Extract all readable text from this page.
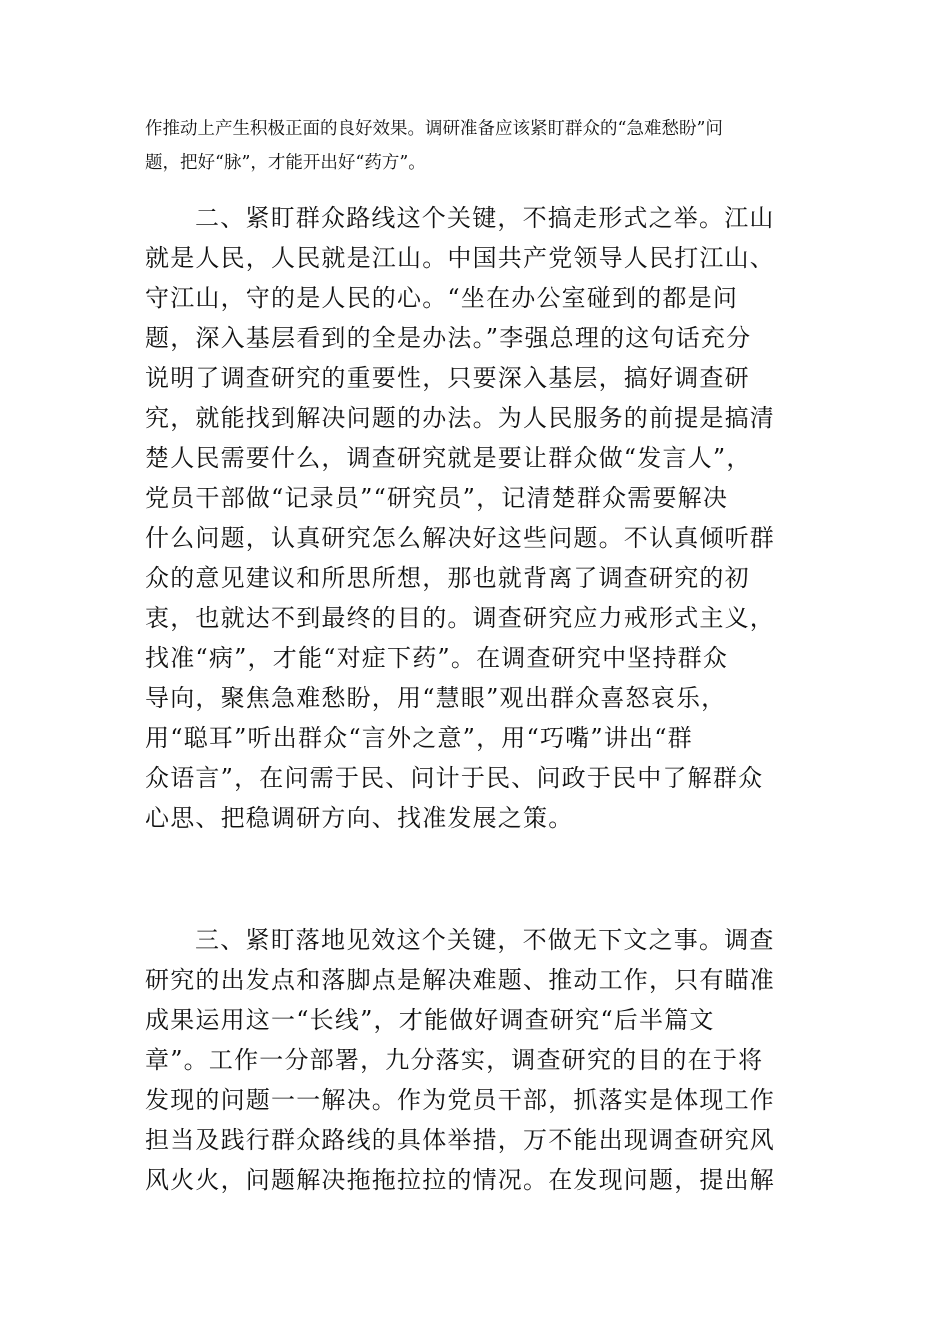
作推动上产生积极正面的良好效果。调研准备应该紧盯群众的“急难愁盼”问
题，把好“脉”，才能开出好“药方”。
二、紧盯群众路线这个关键，不搞走形式之举。江山
就是人民，人民就是江山。中国共产党领导人民打江山、
守江山，守的是人民的心。“坐在办公室碰到的都是问
题，深入基层看到的全是办法。”李强总理的这句话充分
说明了调查研究的重要性，只要深入基层，搞好调查研
究，就能找到解决问题的办法。为人民服务的前提是搞清
楚人民需要什么，调查研究就是要让群众做“发言人”，
党员干部做“记录员”“研究员”，记清楚群众需要解决
什么问题，认真研究怎么解决好这些问题。不认真倾听群
众的意见建议和所思所想，那也就背离了调查研究的初
衷，也就达不到最终的目的。调查研究应力戒形式主义，
找准“病”，才能“对症下药”。在调查研究中坚持群众
导向，聚焦急难愁盼，用“慧眼”观出群众喜怒哀乐，
用“聪耳”听出群众“言外之意”，用“巧嘴”讲出“群
众语言”，在问需于民、问计于民、问政于民中了解群众
心思、把稳调研方向、找准发展之策。
三、紧盯落地见效这个关键，不做无下文之事。调查
研究的出发点和落脚点是解决难题、推动工作，只有瞄准
成果运用这一“长线”，才能做好调查研究“后半篇文
章”。工作一分部署，九分落实，调查研究的目的在于将
发现的问题一一解决。作为党员干部，抓落实是体现工作
担当及践行群众路线的具体举措，万不能出现调查研究风
风火火，问题解决拖拖拉拉的情况。在发现问题，提出解
